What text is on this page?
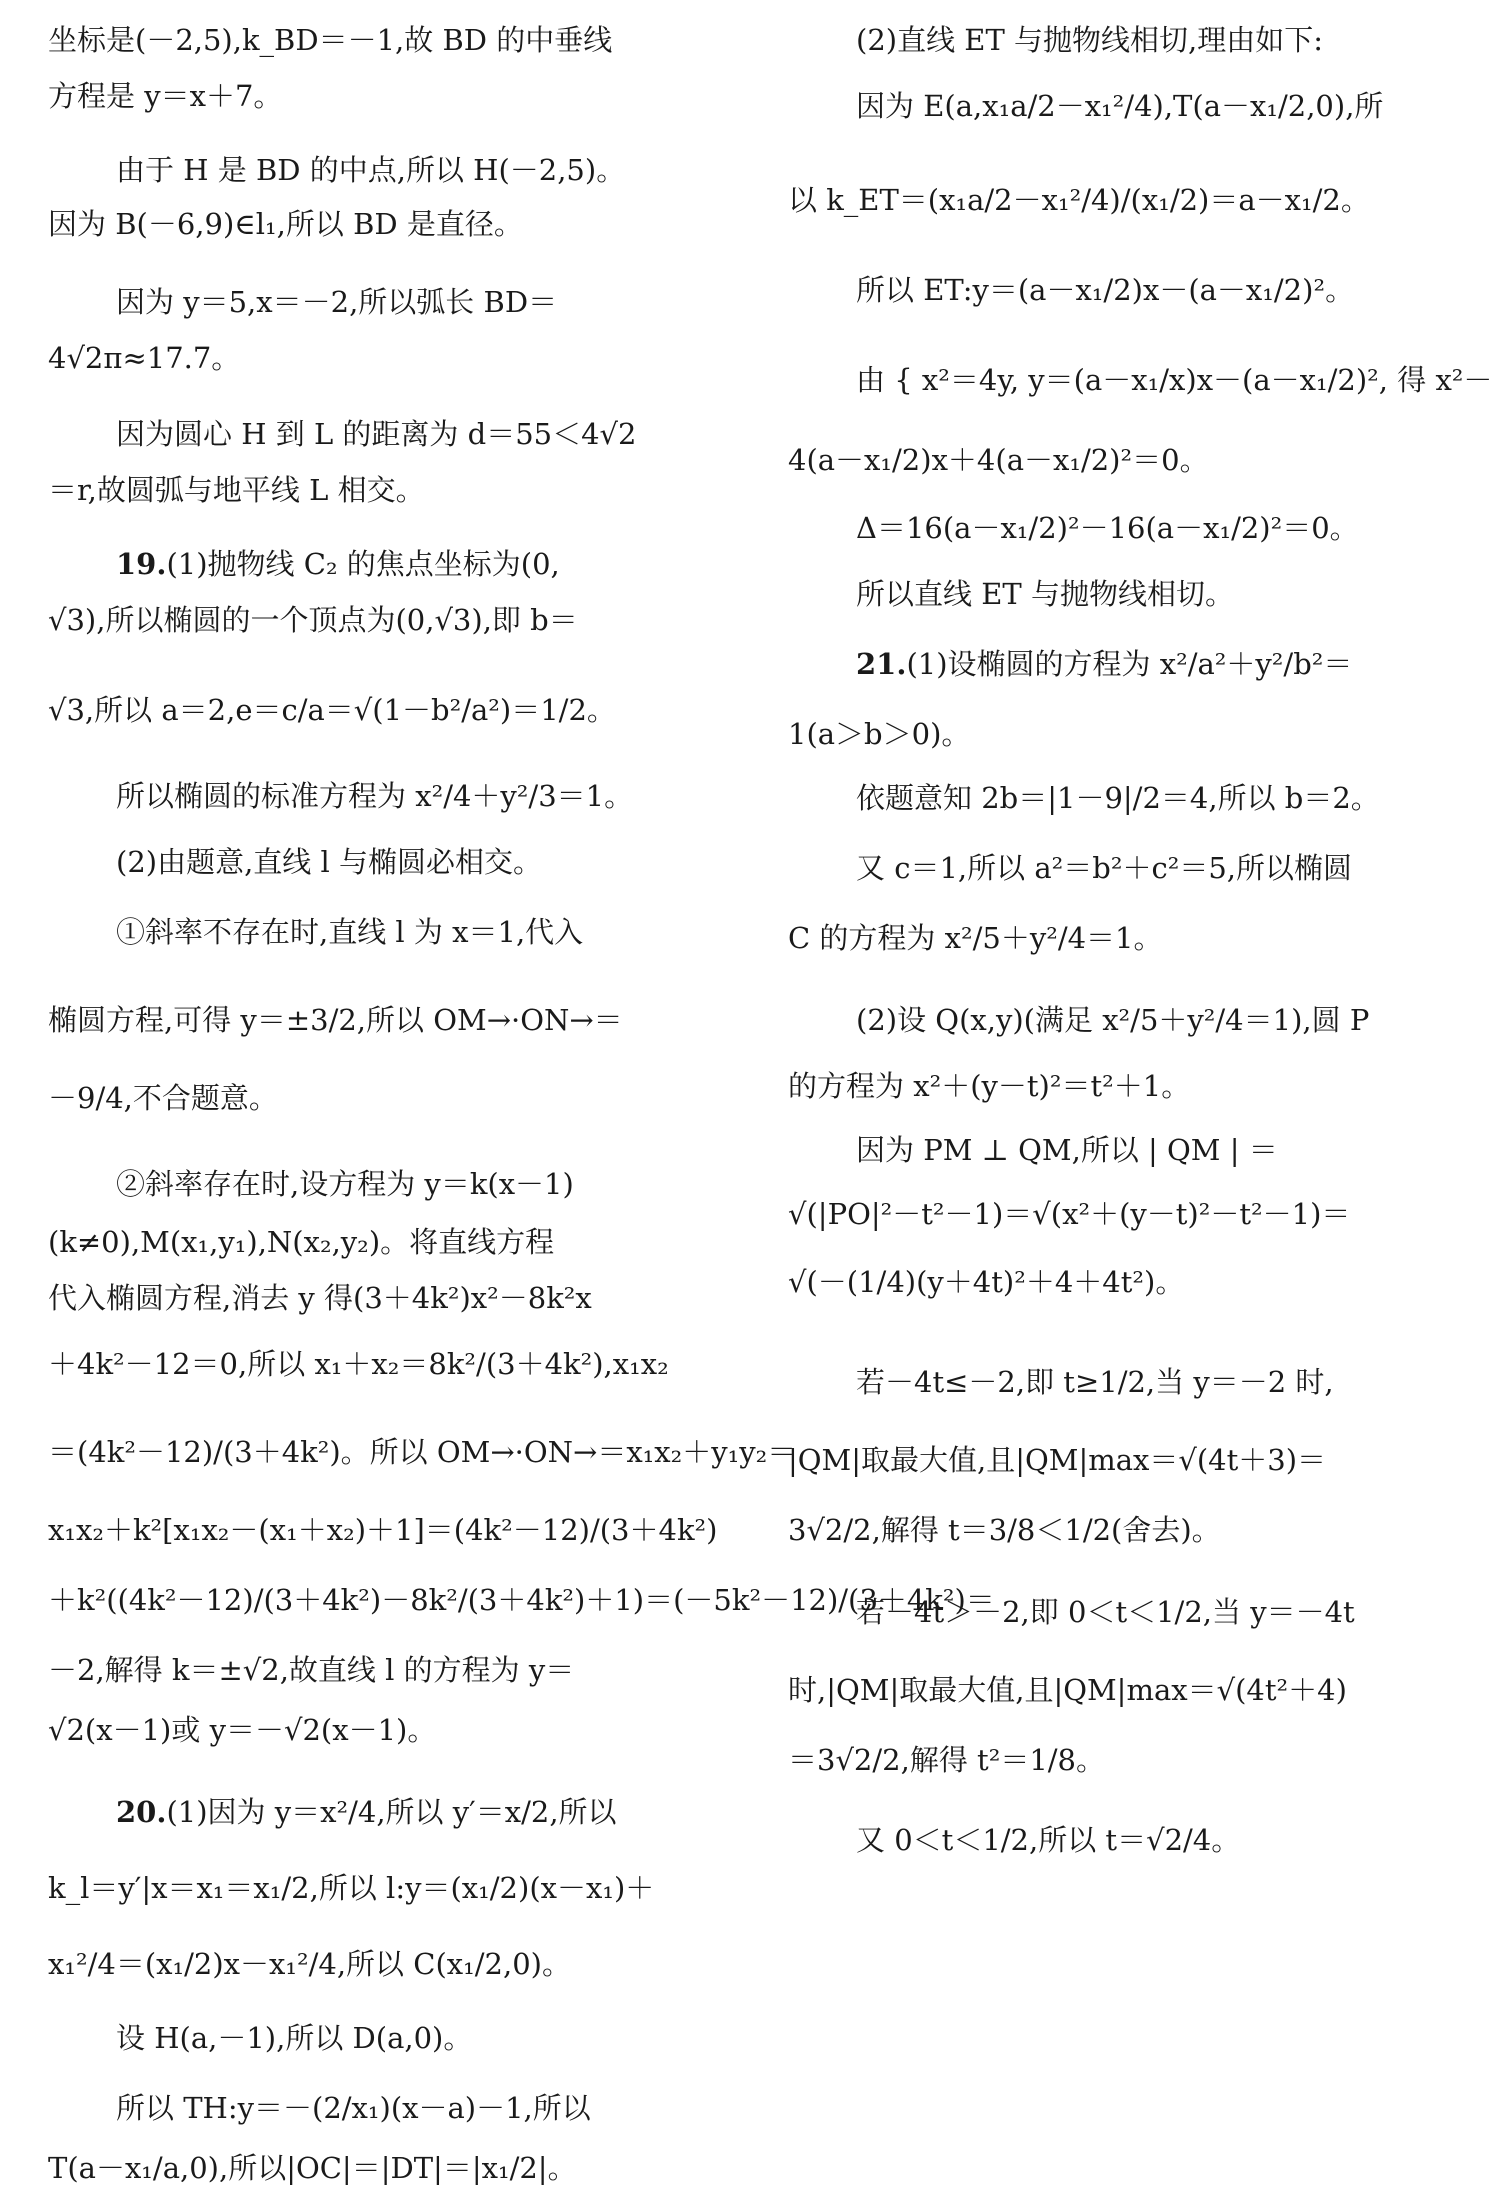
坐标是(－2,5),k_BD＝－1,故 BD 的中垂线
方程是 y＝x＋7。
由于 H 是 BD 的中点,所以 H(－2,5)。
因为 B(－6,9)∈l₁,所以 BD 是直径。
因为 y＝5,x＝－2,所以弧长 BD＝
4√2π≈17.7。
因为圆心 H 到 L 的距离为 d＝55＜4√2
＝r,故圆弧与地平线 L 相交。
19.(1)抛物线 C₂ 的焦点坐标为(0,
√3),所以椭圆的一个顶点为(0,√3),即 b＝
√3,所以 a＝2,e＝c/a＝√(1－b²/a²)＝1/2。
所以椭圆的标准方程为 x²/4＋y²/3＝1。
(2)由题意,直线 l 与椭圆必相交。
①斜率不存在时,直线 l 为 x＝1,代入
椭圆方程,可得 y＝±3/2,所以 OM→·ON→＝
－9/4,不合题意。
②斜率存在时,设方程为 y＝k(x－1)
(k≠0),M(x₁,y₁),N(x₂,y₂)。将直线方程
代入椭圆方程,消去 y 得(3＋4k²)x²－8k²x
＋4k²－12＝0,所以 x₁＋x₂＝8k²/(3＋4k²),x₁x₂
＝(4k²－12)/(3＋4k²)。所以 OM→·ON→＝x₁x₂＋y₁y₂＝
x₁x₂＋k²[x₁x₂－(x₁＋x₂)＋1]＝(4k²－12)/(3＋4k²)
＋k²((4k²－12)/(3＋4k²)－8k²/(3＋4k²)＋1)＝(－5k²－12)/(3＋4k²)＝
－2,解得 k＝±√2,故直线 l 的方程为 y＝
√2(x－1)或 y＝－√2(x－1)。
20.(1)因为 y＝x²/4,所以 y′＝x/2,所以
k_l＝y′|x＝x₁＝x₁/2,所以 l:y＝(x₁/2)(x－x₁)＋
x₁²/4＝(x₁/2)x－x₁²/4,所以 C(x₁/2,0)。
设 H(a,－1),所以 D(a,0)。
所以 TH:y＝－(2/x₁)(x－a)－1,所以
T(a－x₁/a,0),所以|OC|＝|DT|＝|x₁/2|。
(2)直线 ET 与抛物线相切,理由如下:
因为 E(a,x₁a/2－x₁²/4),T(a－x₁/2,0),所
以 k_ET＝(x₁a/2－x₁²/4)/(x₁/2)＝a－x₁/2。
所以 ET:y＝(a－x₁/2)x－(a－x₁/2)²。
由 { x²＝4y, y＝(a－x₁/x)x－(a－x₁/2)², 得 x²－
4(a－x₁/2)x＋4(a－x₁/2)²＝0。
Δ＝16(a－x₁/2)²－16(a－x₁/2)²＝0。
所以直线 ET 与抛物线相切。
21.(1)设椭圆的方程为 x²/a²＋y²/b²＝
1(a＞b＞0)。
依题意知 2b＝|1－9|/2＝4,所以 b＝2。
又 c＝1,所以 a²＝b²＋c²＝5,所以椭圆
C 的方程为 x²/5＋y²/4＝1。
(2)设 Q(x,y)(满足 x²/5＋y²/4＝1),圆 P
的方程为 x²＋(y－t)²＝t²＋1。
因为 PM ⊥ QM,所以 | QM | ＝
√(|PO|²－t²－1)＝√(x²＋(y－t)²－t²－1)＝
√(－(1/4)(y＋4t)²＋4＋4t²)。
若－4t≤－2,即 t≥1/2,当 y＝－2 时,
|QM|取最大值,且|QM|max＝√(4t＋3)＝
3√2/2,解得 t＝3/8＜1/2(舍去)。
若－4t＞－2,即 0＜t＜1/2,当 y＝－4t
时,|QM|取最大值,且|QM|max＝√(4t²＋4)
＝3√2/2,解得 t²＝1/8。
又 0＜t＜1/2,所以 t＝√2/4。
